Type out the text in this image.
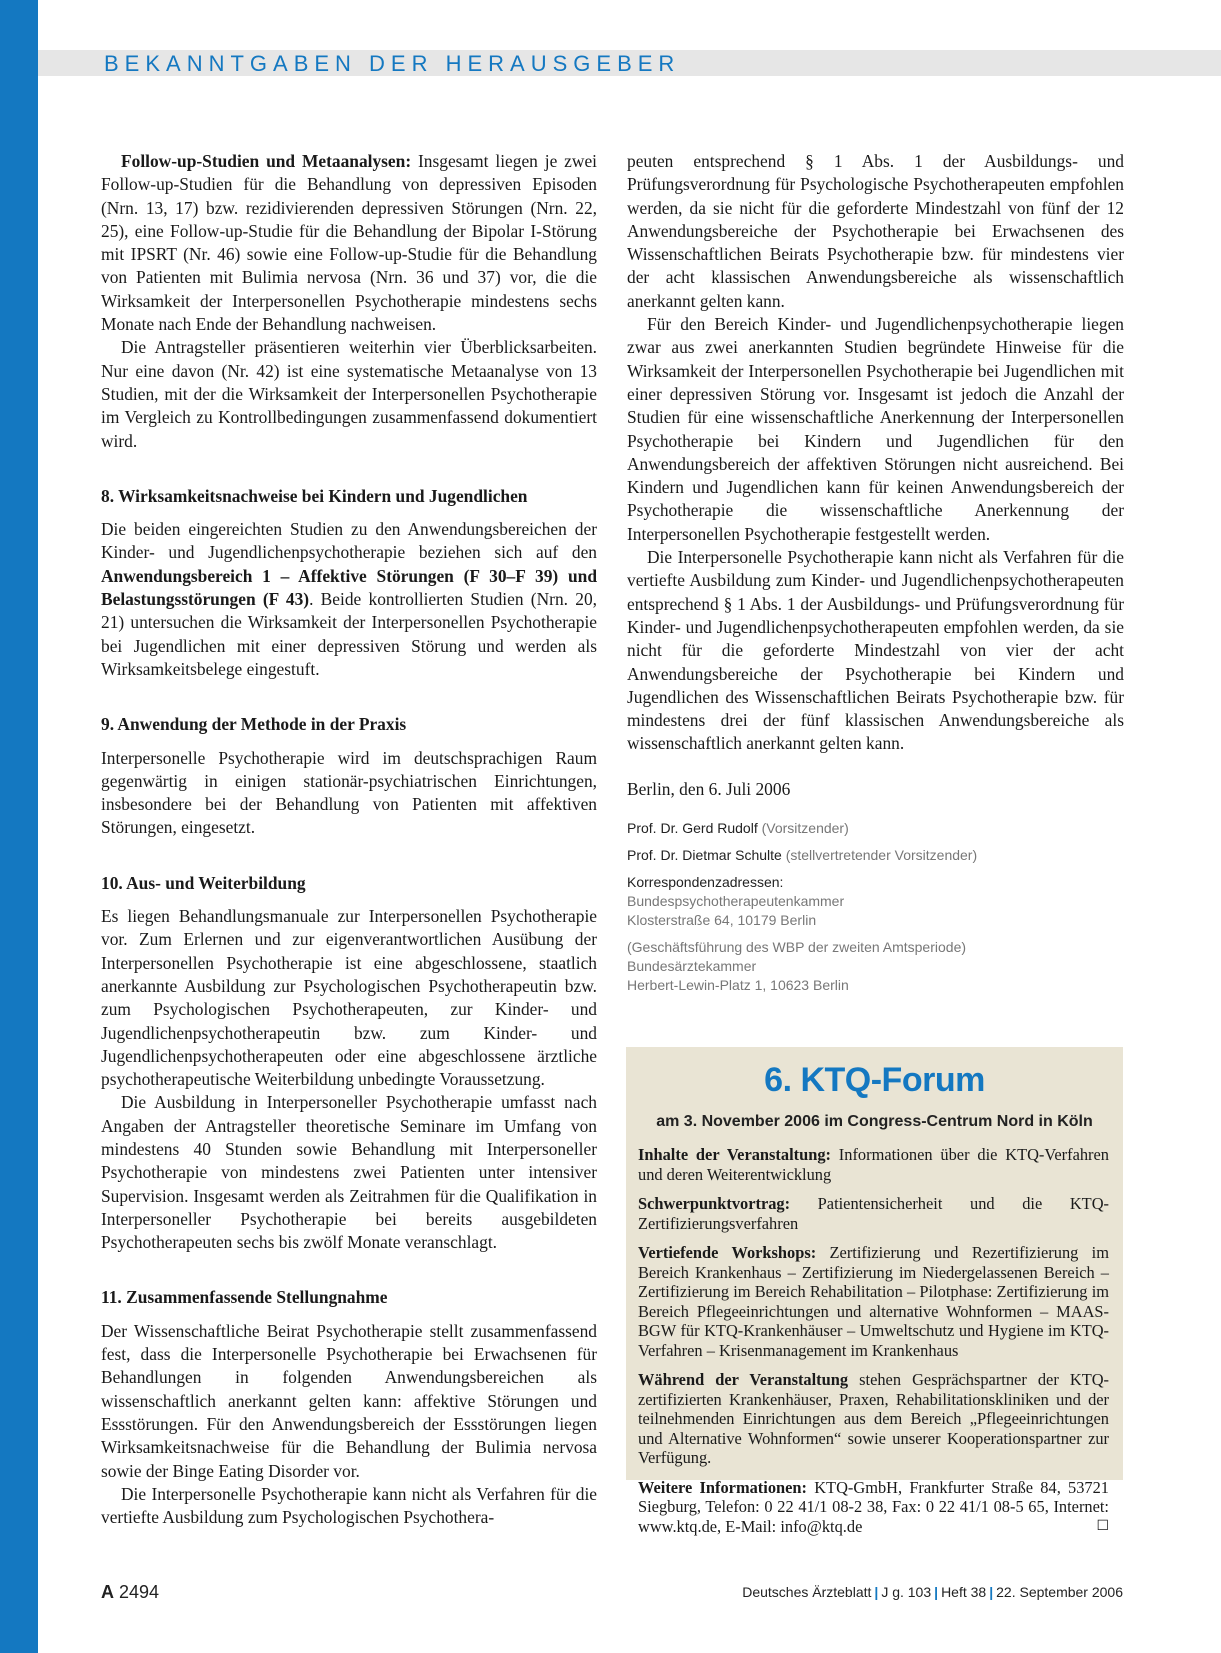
BEKANNTGABEN DER HERAUSGEBER

Follow-up-Studien und Metaanalysen: Insgesamt liegen je zwei Follow-up-Studien für die Behandlung von depressiven Episoden (Nrn. 13, 17) bzw. rezidivierenden depressiven Störungen (Nrn. 22, 25), eine Follow-up-Studie für die Behandlung der Bipolar I-Störung mit IPSRT (Nr. 46) sowie eine Follow-up-Studie für die Behandlung von Patienten mit Bulimia nervosa (Nrn. 36 und 37) vor, die die Wirksamkeit der Interpersonellen Psychotherapie mindestens sechs Monate nach Ende der Behandlung nachweisen.

Die Antragsteller präsentieren weiterhin vier Überblicksarbeiten. Nur eine davon (Nr. 42) ist eine systematische Metaanalyse von 13 Studien, mit der die Wirksamkeit der Interpersonellen Psychotherapie im Vergleich zu Kontrollbedingungen zusammenfassend dokumentiert wird.

8. Wirksamkeitsnachweise bei Kindern und Jugendlichen

Die beiden eingereichten Studien zu den Anwendungsbereichen der Kinder- und Jugendlichenpsychotherapie beziehen sich auf den Anwendungsbereich 1 – Affektive Störungen (F 30–F 39) und Belastungsstörungen (F 43). Beide kontrollierten Studien (Nrn. 20, 21) untersuchen die Wirksamkeit der Interpersonellen Psychotherapie bei Jugendlichen mit einer depressiven Störung und werden als Wirksamkeitsbelege eingestuft.

9. Anwendung der Methode in der Praxis

Interpersonelle Psychotherapie wird im deutschsprachigen Raum gegenwärtig in einigen stationär-psychiatrischen Einrichtungen, insbesondere bei der Behandlung von Patienten mit affektiven Störungen, eingesetzt.

10. Aus- und Weiterbildung

Es liegen Behandlungsmanuale zur Interpersonellen Psychotherapie vor. Zum Erlernen und zur eigenverantwortlichen Ausübung der Interpersonellen Psychotherapie ist eine abgeschlossene, staatlich anerkannte Ausbildung zur Psychologischen Psychotherapeutin bzw. zum Psychologischen Psychotherapeuten, zur Kinder- und Jugendlichenpsychotherapeutin bzw. zum Kinder- und Jugendlichenpsychotherapeuten oder eine abgeschlossene ärztliche psychotherapeutische Weiterbildung unbedingte Voraussetzung.

Die Ausbildung in Interpersoneller Psychotherapie umfasst nach Angaben der Antragsteller theoretische Seminare im Umfang von mindestens 40 Stunden sowie Behandlung mit Interpersoneller Psychotherapie von mindestens zwei Patienten unter intensiver Supervision. Insgesamt werden als Zeitrahmen für die Qualifikation in Interpersoneller Psychotherapie bei bereits ausgebildeten Psychotherapeuten sechs bis zwölf Monate veranschlagt.

11. Zusammenfassende Stellungnahme

Der Wissenschaftliche Beirat Psychotherapie stellt zusammenfassend fest, dass die Interpersonelle Psychotherapie bei Erwachsenen für Behandlungen in folgenden Anwendungsbereichen als wissenschaftlich anerkannt gelten kann: affektive Störungen und Essstörungen. Für den Anwendungsbereich der Essstörungen liegen Wirksamkeitsnachweise für die Behandlung der Bulimia nervosa sowie der Binge Eating Disorder vor.

Die Interpersonelle Psychotherapie kann nicht als Verfahren für die vertiefte Ausbildung zum Psychologischen Psychothera-

peuten entsprechend § 1 Abs. 1 der Ausbildungs- und Prüfungsverordnung für Psychologische Psychotherapeuten empfohlen werden, da sie nicht für die geforderte Mindestzahl von fünf der 12 Anwendungsbereiche der Psychotherapie bei Erwachsenen des Wissenschaftlichen Beirats Psychotherapie bzw. für mindestens vier der acht klassischen Anwendungsbereiche als wissenschaftlich anerkannt gelten kann.

Für den Bereich Kinder- und Jugendlichenpsychotherapie liegen zwar aus zwei anerkannten Studien begründete Hinweise für die Wirksamkeit der Interpersonellen Psychotherapie bei Jugendlichen mit einer depressiven Störung vor. Insgesamt ist jedoch die Anzahl der Studien für eine wissenschaftliche Anerkennung der Interpersonellen Psychotherapie bei Kindern und Jugendlichen für den Anwendungsbereich der affektiven Störungen nicht ausreichend. Bei Kindern und Jugendlichen kann für keinen Anwendungsbereich der Psychotherapie die wissenschaftliche Anerkennung der Interpersonellen Psychotherapie festgestellt werden.

Die Interpersonelle Psychotherapie kann nicht als Verfahren für die vertiefte Ausbildung zum Kinder- und Jugendlichenpsychotherapeuten entsprechend § 1 Abs. 1 der Ausbildungs- und Prüfungsverordnung für Kinder- und Jugendlichenpsychotherapeuten empfohlen werden, da sie nicht für die geforderte Mindestzahl von vier der acht Anwendungsbereiche der Psychotherapie bei Kindern und Jugendlichen des Wissenschaftlichen Beirats Psychotherapie bzw. für mindestens drei der fünf klassischen Anwendungsbereiche als wissenschaftlich anerkannt gelten kann.

Berlin, den 6. Juli 2006

Prof. Dr. Gerd Rudolf (Vorsitzender)
Prof. Dr. Dietmar Schulte (stellvertretender Vorsitzender)
Korrespondenzadressen:
Bundespsychotherapeutenkammer
Klosterstraße 64, 10179 Berlin
(Geschäftsführung des WBP der zweiten Amtsperiode)
Bundesärztekammer
Herbert-Lewin-Platz 1, 10623 Berlin
6. KTQ-Forum
am 3. November 2006 im Congress-Centrum Nord in Köln

Inhalte der Veranstaltung: Informationen über die KTQ-Verfahren und deren Weiterentwicklung

Schwerpunktvortrag: Patientensicherheit und die KTQ-Zertifizierungsverfahren

Vertiefende Workshops: Zertifizierung und Rezertifizierung im Bereich Krankenhaus – Zertifizierung im Niedergelassenen Bereich – Zertifizierung im Bereich Rehabilitation – Pilotphase: Zertifizierung im Bereich Pflegeeinrichtungen und alternative Wohnformen – MAAS-BGW für KTQ-Krankenhäuser – Umweltschutz und Hygiene im KTQ-Verfahren – Krisenmanagement im Krankenhaus

Während der Veranstaltung stehen Gesprächspartner der KTQ-zertifizierten Krankenhäuser, Praxen, Rehabilitationskliniken und der teilnehmenden Einrichtungen aus dem Bereich „Pflegeeinrichtungen und Alternative Wohnformen“ sowie unserer Kooperationspartner zur Verfügung.

Weitere Informationen: KTQ-GmbH, Frankfurter Straße 84, 53721 Siegburg, Telefon: 0 22 41/1 08-2 38, Fax: 0 22 41/1 08-5 65, Internet: www.ktq.de, E-Mail: info@ktq.de	☐

A 2494	Deutsches Ärzteblatt | J g. 103 | Heft 38 | 22. September 2006
